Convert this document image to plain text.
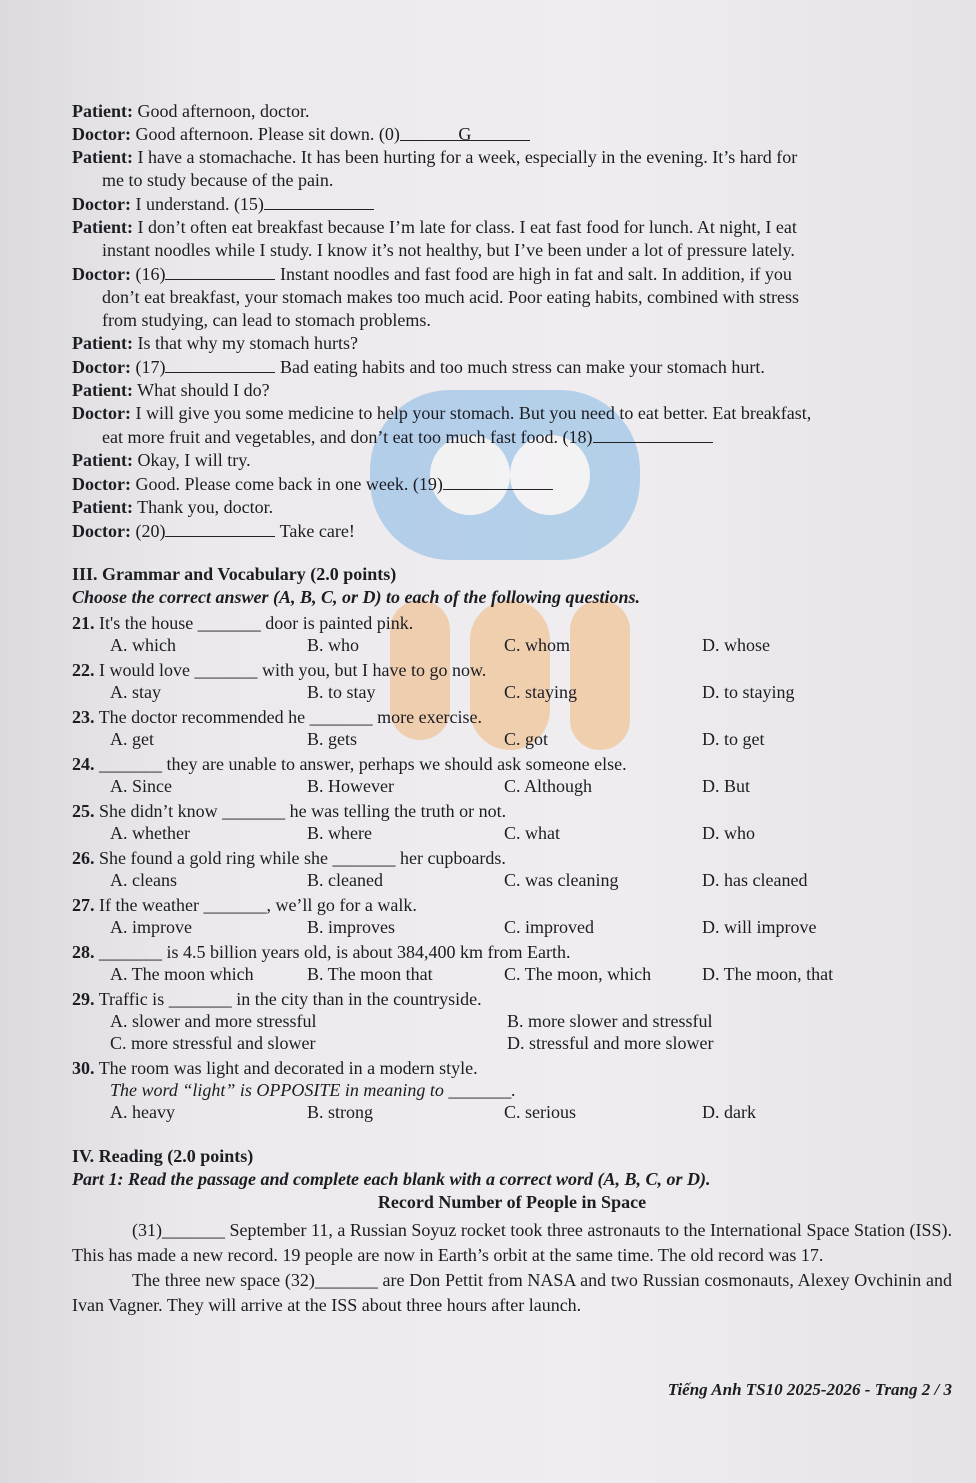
Patient: Good afternoon, doctor.
Doctor: Good afternoon. Please sit down. (0)	G
Patient: I have a stomachache. It has been hurting for a week, especially in the evening. It’s hard for
me to study because of the pain.
Doctor: I understand. (15)
Patient: I don’t often eat breakfast because I’m late for class. I eat fast food for lunch. At night, I eat
instant noodles while I study. I know it’s not healthy, but I’ve been under a lot of pressure lately.
Doctor: (16)	Instant noodles and fast food are high in fat and salt. In addition, if you
don’t eat breakfast, your stomach makes too much acid. Poor eating habits, combined with stress
from studying, can lead to stomach problems.
Patient: Is that why my stomach hurts?
Doctor: (17)	Bad eating habits and too much stress can make your stomach hurt.
Patient: What should I do?
Doctor: I will give you some medicine to help your stomach. But you need to eat better. Eat breakfast,
eat more fruit and vegetables, and don’t eat too much fast food. (18)
Patient: Okay, I will try.
Doctor: Good. Please come back in one week. (19)
Patient: Thank you, doctor.
Doctor: (20)	Take care!
III. Grammar and Vocabulary (2.0 points)
Choose the correct answer (A, B, C, or D) to each of the following questions.
21. It's the house _______ door is painted pink.
A. which	B. who	C. whom	D. whose
22. I would love _______ with you, but I have to go now.
A. stay	B. to stay	C. staying	D. to staying
23. The doctor recommended he _______ more exercise.
A. get	B. gets	C. got	D. to get
24. _______ they are unable to answer, perhaps we should ask someone else.
A. Since	B. However	C. Although	D. But
25. She didn’t know _______ he was telling the truth or not.
A. whether	B. where	C. what	D. who
26. She found a gold ring while she _______ her cupboards.
A. cleans	B. cleaned	C. was cleaning	D. has cleaned
27. If the weather _______, we’ll go for a walk.
A. improve	B. improves	C. improved	D. will improve
28. _______ is 4.5 billion years old, is about 384,400 km from Earth.
A. The moon which	B. The moon that	C. The moon, which	D. The moon, that
29. Traffic is _______ in the city than in the countryside.
A. slower and more stressful	B. more slower and stressful
C. more stressful and slower	D. stressful and more slower
30. The room was light and decorated in a modern style.
The word “light” is OPPOSITE in meaning to _______.
A. heavy	B. strong	C. serious	D. dark
IV. Reading (2.0 points)
Part 1: Read the passage and complete each blank with a correct word (A, B, C, or D).
Record Number of People in Space
(31)_______ September 11, a Russian Soyuz rocket took three astronauts to the International Space Station (ISS). This has made a new record. 19 people are now in Earth’s orbit at the same time. The old record was 17.
The three new space (32)_______ are Don Pettit from NASA and two Russian cosmonauts, Alexey Ovchinin and Ivan Vagner. They will arrive at the ISS about three hours after launch.
Tiếng Anh TS10 2025-2026 - Trang 2 / 3
